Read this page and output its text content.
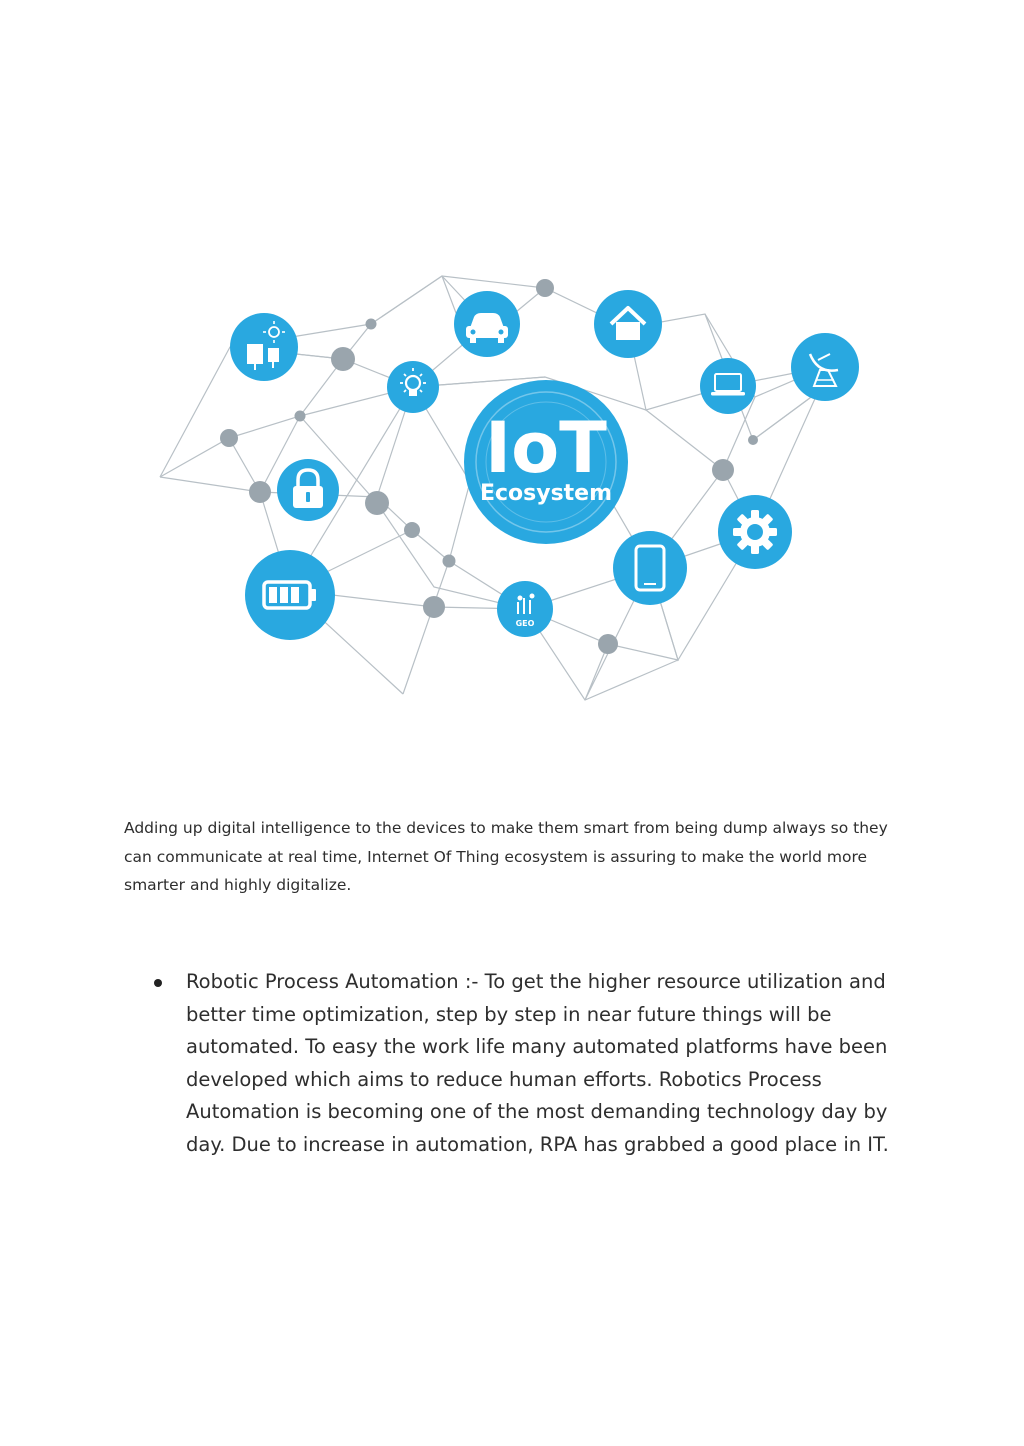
IoT
Ecosystem
GEO

Adding up digital intelligence to the devices to make them smart from being dump always so they can communicate at real time, Internet Of Thing ecosystem is assuring to make the world more smarter and highly digitalize.

Robotic Process Automation :- To get the higher resource utilization and better time optimization, step by step in near future things will be automated. To easy the work life many automated platforms have been developed which aims to reduce human efforts. Robotics Process Automation is becoming one of the most demanding technology day by day. Due to increase in automation, RPA has grabbed a good place in IT.
